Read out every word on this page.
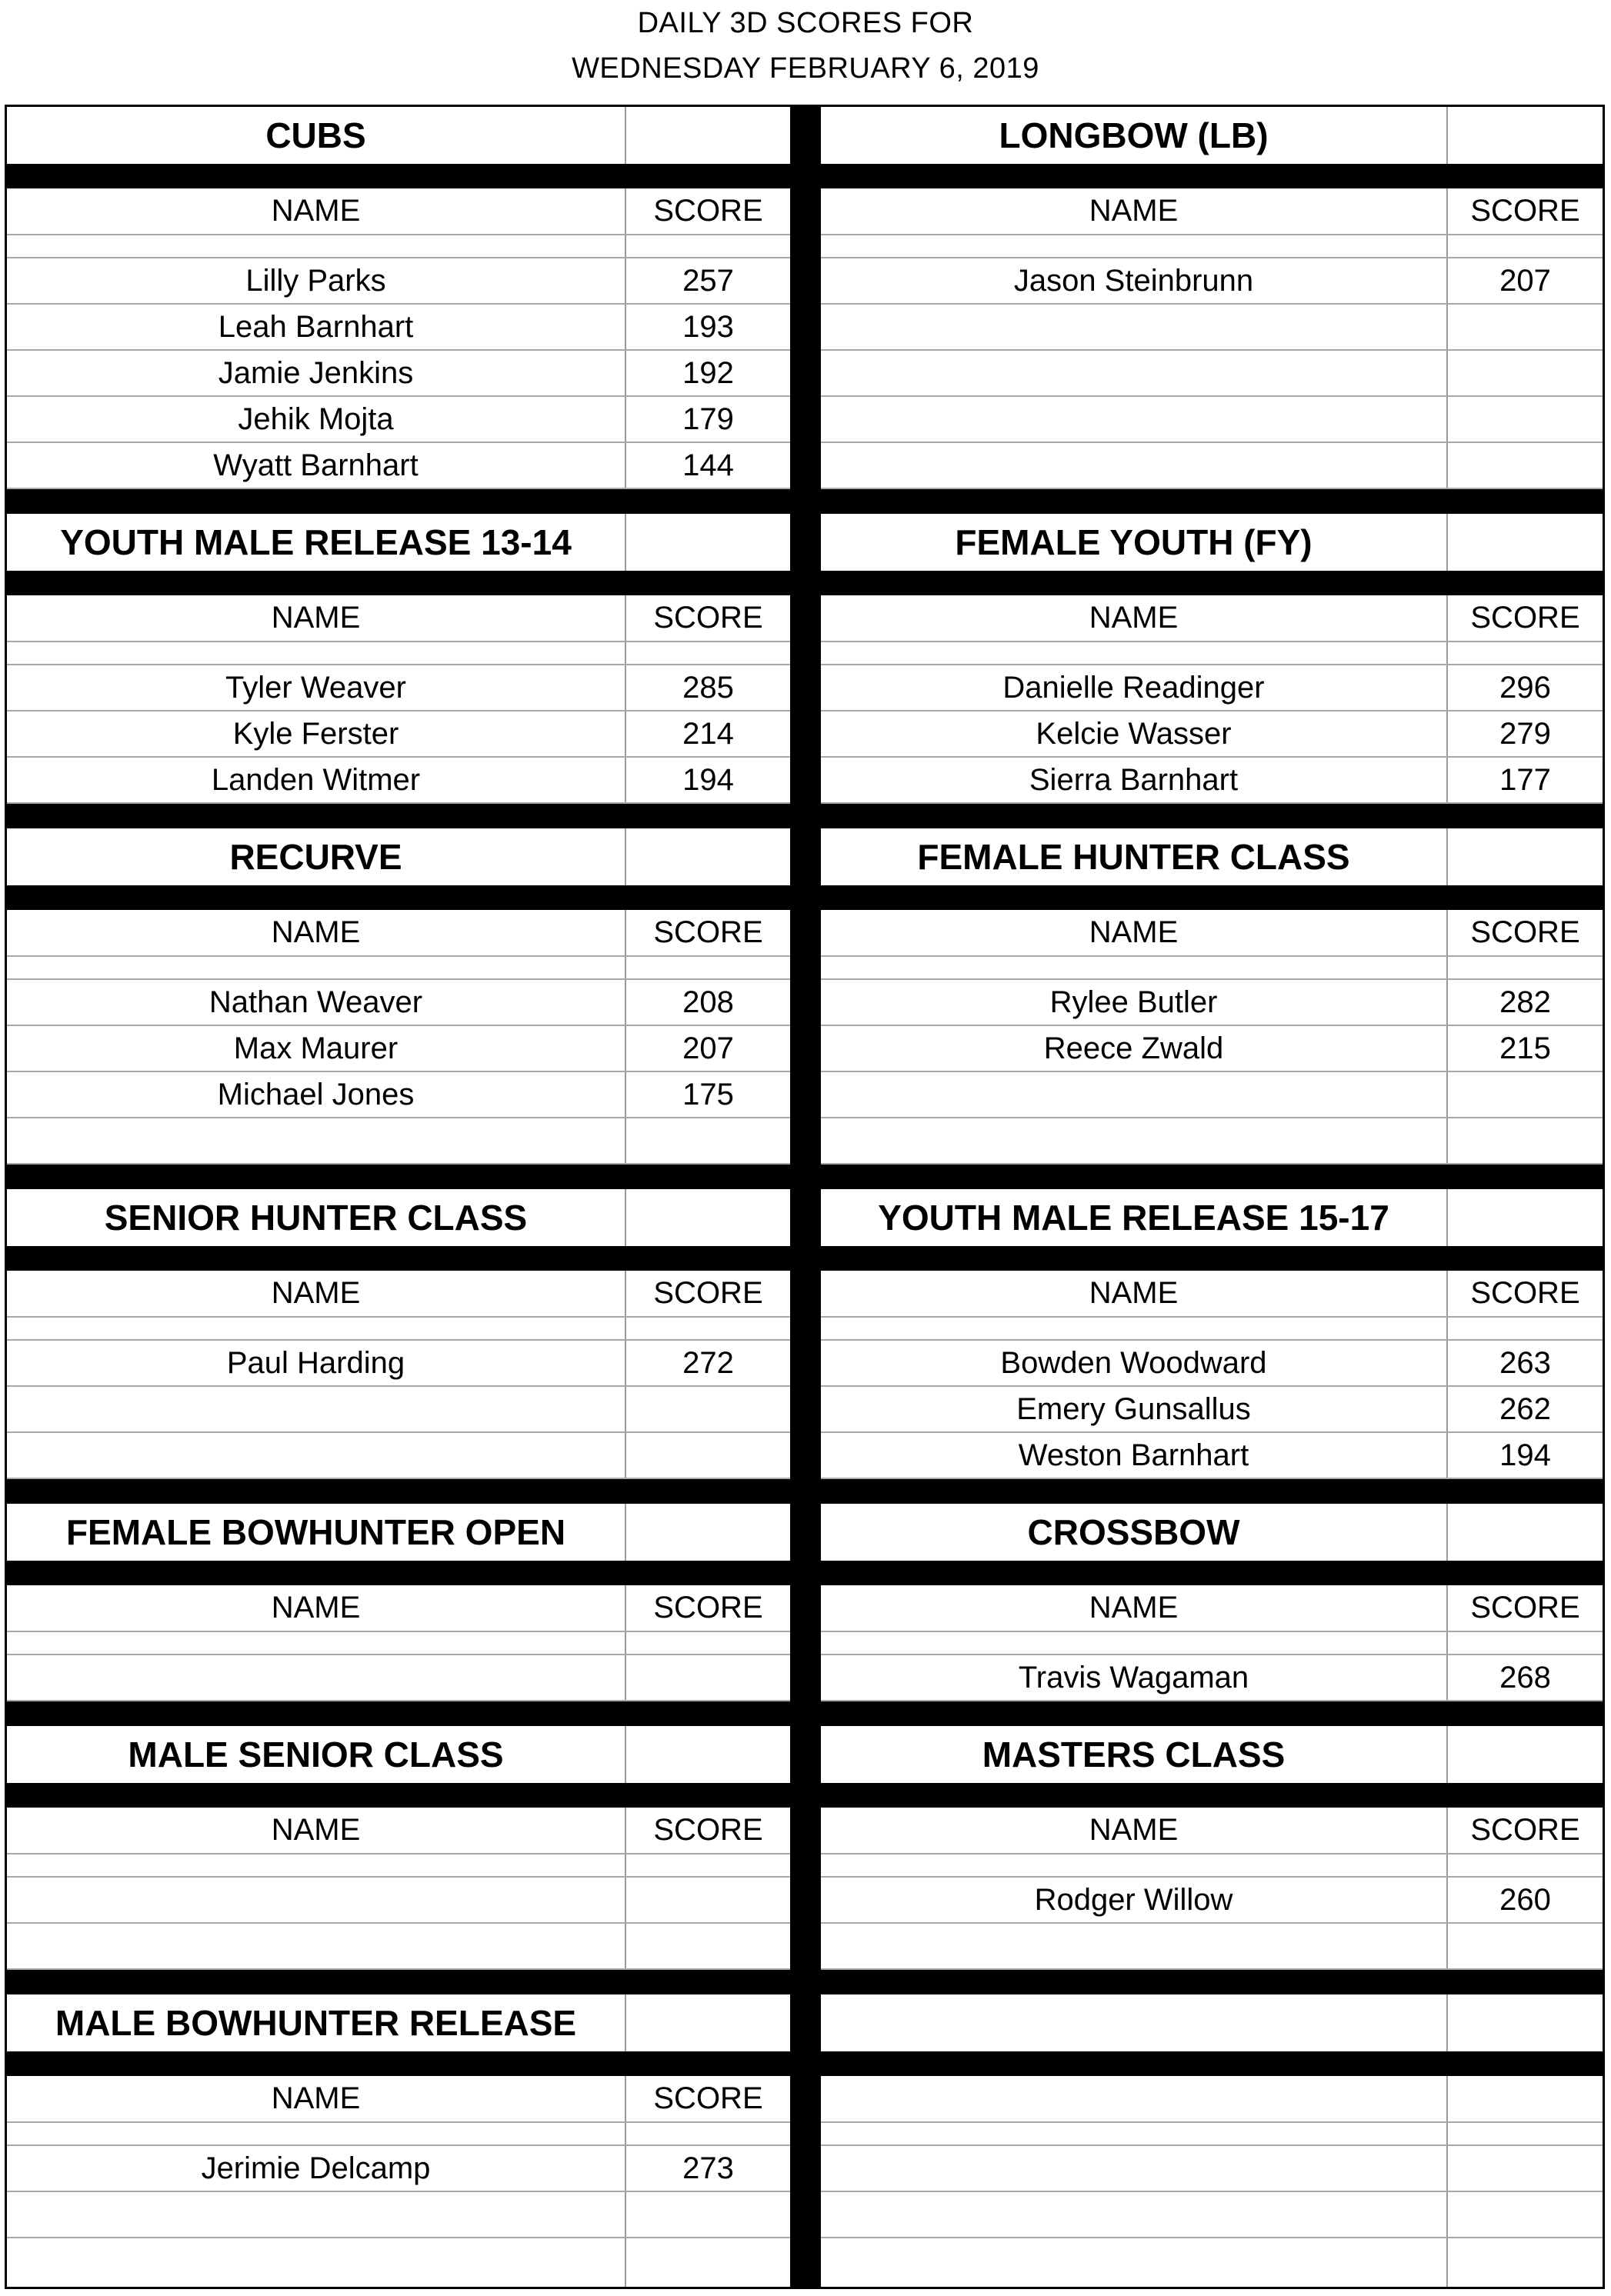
DAILY 3D SCORES FOR
WEDNESDAY FEBRUARY 6, 2019
CUBS
NAME	SCORE
Lilly Parks	257
Leah Barnhart	193
Jamie Jenkins	192
Jehik Mojta	179
Wyatt Barnhart	144
YOUTH MALE RELEASE 13-14
NAME	SCORE
Tyler Weaver	285
Kyle Ferster	214
Landen Witmer	194
RECURVE
NAME	SCORE
Nathan Weaver	208
Max Maurer	207
Michael Jones	175
SENIOR HUNTER CLASS
NAME	SCORE
Paul Harding	272
FEMALE BOWHUNTER OPEN
NAME	SCORE
MALE SENIOR CLASS
NAME	SCORE
MALE BOWHUNTER RELEASE
NAME	SCORE
Jerimie Delcamp	273
LONGBOW (LB)
NAME	SCORE
Jason Steinbrunn	207
FEMALE YOUTH (FY)
NAME	SCORE
Danielle Readinger	296
Kelcie Wasser	279
Sierra Barnhart	177
FEMALE HUNTER CLASS
NAME	SCORE
Rylee Butler	282
Reece Zwald	215
YOUTH MALE RELEASE 15-17
NAME	SCORE
Bowden Woodward	263
Emery Gunsallus	262
Weston Barnhart	194
CROSSBOW
NAME	SCORE
Travis Wagaman	268
MASTERS CLASS
NAME	SCORE
Rodger Willow	260
